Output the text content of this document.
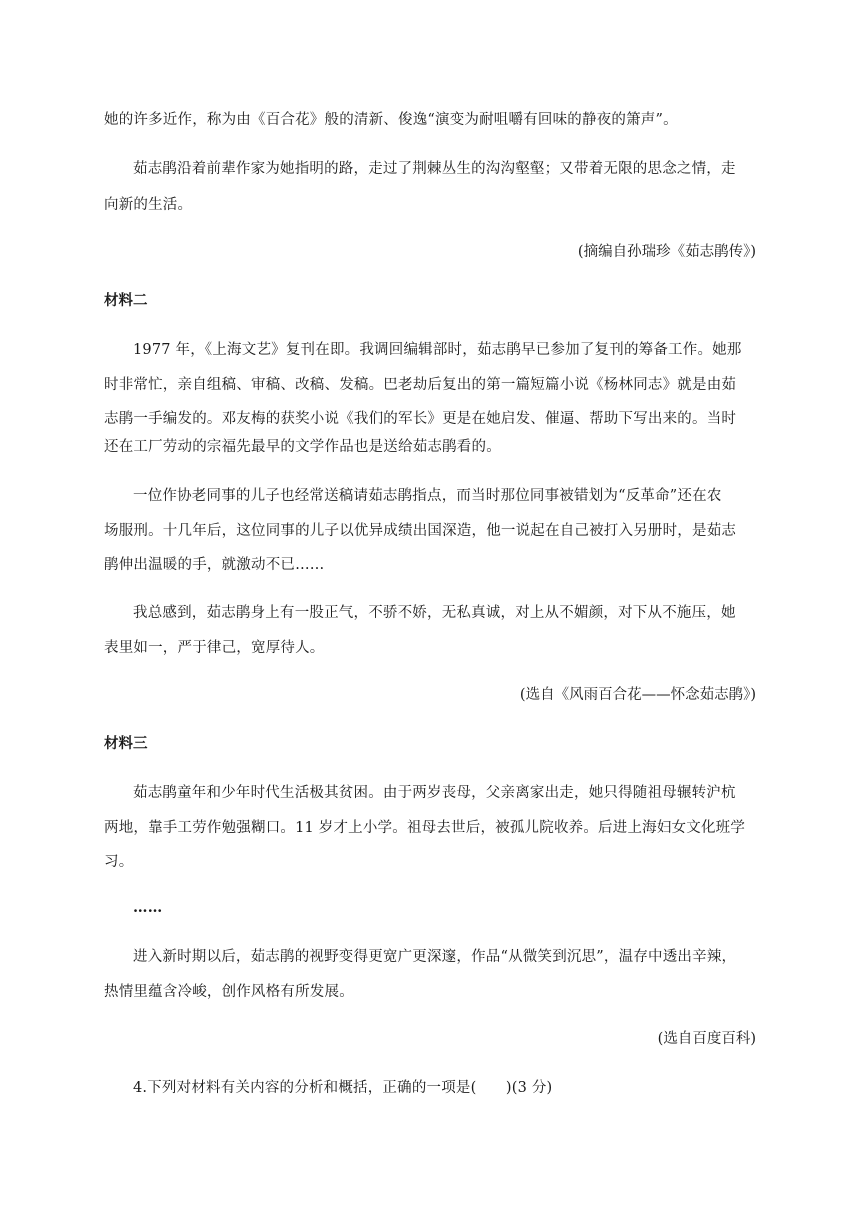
她的许多近作，称为由《百合花》般的清新、俊逸“演变为耐咀嚼有回味的静夜的箫声”。
茹志鹃沿着前辈作家为她指明的路，走过了荆棘丛生的沟沟壑壑；又带着无限的思念之情，走
向新的生活。
(摘编自孙瑞珍《茹志鹃传》)
材料二
1977 年，《上海文艺》复刊在即。我调回编辑部时，茹志鹃早已参加了复刊的筹备工作。她那
时非常忙，亲自组稿、审稿、改稿、发稿。巴老劫后复出的第一篇短篇小说《杨林同志》就是由茹
志鹃一手编发的。邓友梅的获奖小说《我们的军长》更是在她启发、催逼、帮助下写出来的。当时
还在工厂劳动的宗福先最早的文学作品也是送给茹志鹃看的。
一位作协老同事的儿子也经常送稿请茹志鹃指点，而当时那位同事被错划为“反革命”还在农
场服刑。十几年后，这位同事的儿子以优异成绩出国深造，他一说起在自己被打入另册时，是茹志
鹃伸出温暖的手，就激动不已……
我总感到，茹志鹃身上有一股正气，不骄不娇，无私真诚，对上从不媚颜，对下从不施压，她
表里如一，严于律己，宽厚待人。
(选自《风雨百合花——怀念茹志鹃》)
材料三
茹志鹃童年和少年时代生活极其贫困。由于两岁丧母，父亲离家出走，她只得随祖母辗转沪杭
两地，靠手工劳作勉强糊口。11 岁才上小学。祖母去世后，被孤儿院收养。后进上海妇女文化班学
习。
……
进入新时期以后，茹志鹃的视野变得更宽广更深邃，作品“从微笑到沉思”，温存中透出辛辣，
热情里蕴含冷峻，创作风格有所发展。
(选自百度百科)
4.下列对材料有关内容的分析和概括，正确的一项是(　　)(3 分)
